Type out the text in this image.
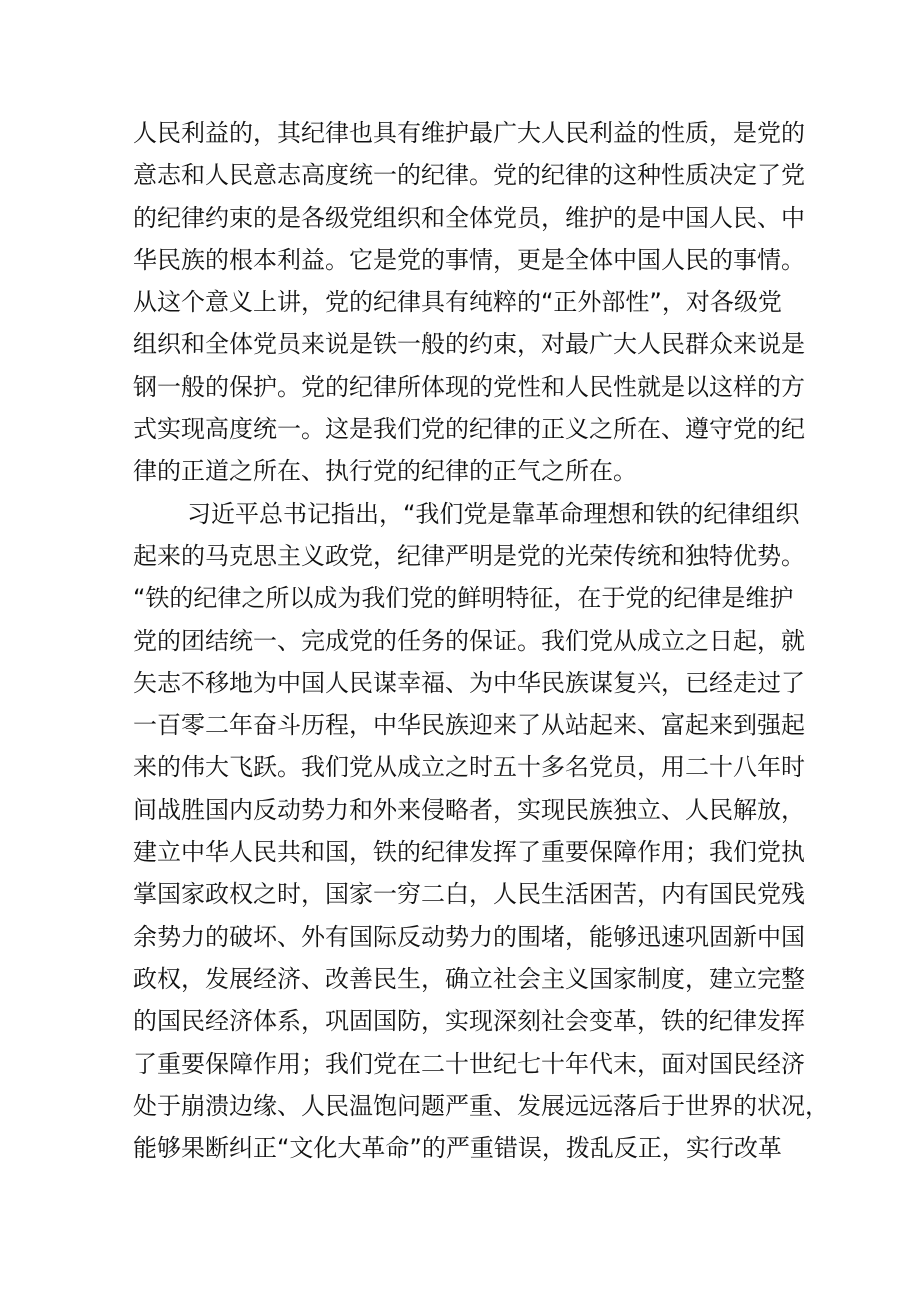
人民利益的，其纪律也具有维护最广大人民利益的性质，是党的
意志和人民意志高度统一的纪律。党的纪律的这种性质决定了党
的纪律约束的是各级党组织和全体党员，维护的是中国人民、中
华民族的根本利益。它是党的事情，更是全体中国人民的事情。
从这个意义上讲，党的纪律具有纯粹的“正外部性”，对各级党
组织和全体党员来说是铁一般的约束，对最广大人民群众来说是
钢一般的保护。党的纪律所体现的党性和人民性就是以这样的方
式实现高度统一。这是我们党的纪律的正义之所在、遵守党的纪
律的正道之所在、执行党的纪律的正气之所在。
习近平总书记指出，“我们党是靠革命理想和铁的纪律组织
起来的马克思主义政党，纪律严明是党的光荣传统和独特优势。
“铁的纪律之所以成为我们党的鲜明特征，在于党的纪律是维护
党的团结统一、完成党的任务的保证。我们党从成立之日起，就
矢志不移地为中国人民谋幸福、为中华民族谋复兴，已经走过了
一百零二年奋斗历程，中华民族迎来了从站起来、富起来到强起
来的伟大飞跃。我们党从成立之时五十多名党员，用二十八年时
间战胜国内反动势力和外来侵略者，实现民族独立、人民解放，
建立中华人民共和国，铁的纪律发挥了重要保障作用；我们党执
掌国家政权之时，国家一穷二白，人民生活困苦，内有国民党残
余势力的破坏、外有国际反动势力的围堵，能够迅速巩固新中国
政权，发展经济、改善民生，确立社会主义国家制度，建立完整
的国民经济体系，巩固国防，实现深刻社会变革，铁的纪律发挥
了重要保障作用；我们党在二十世纪七十年代末，面对国民经济
处于崩溃边缘、人民温饱问题严重、发展远远落后于世界的状况，
能够果断纠正“文化大革命”的严重错误，拨乱反正，实行改革
